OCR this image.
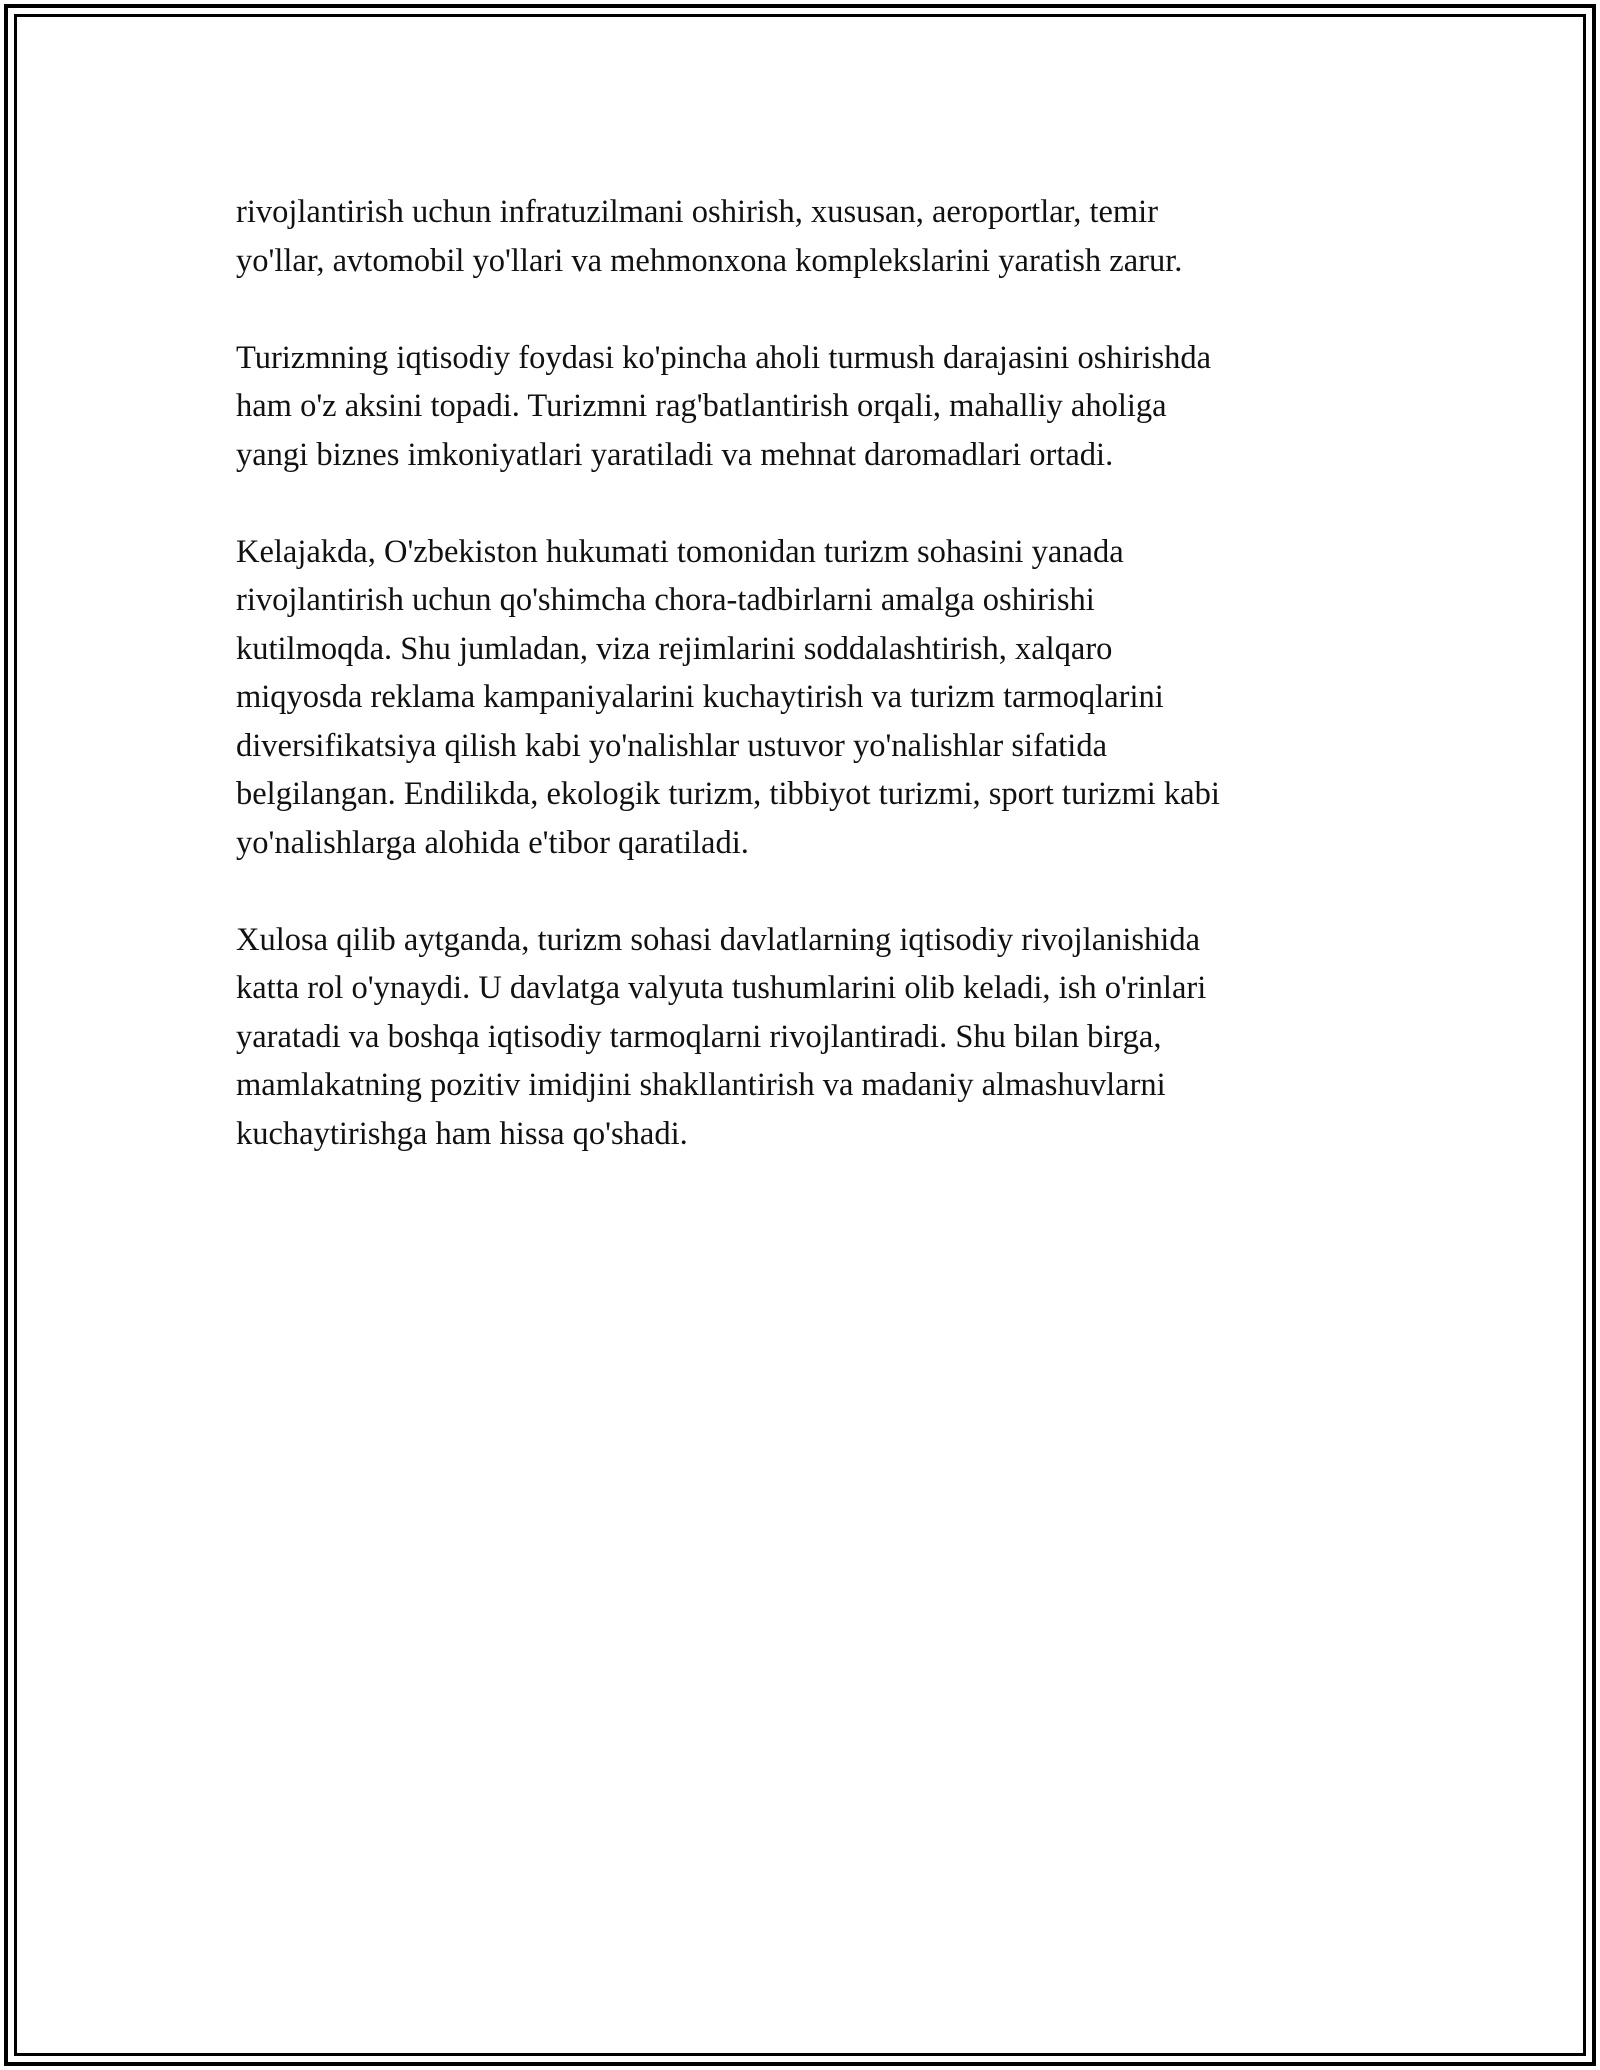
rivojlantirish uchun infratuzilmani oshirish, xususan, aeroportlar, temir
yo'llar, avtomobil yo'llari va mehmonxona komplekslarini yaratish zarur.

Turizmning iqtisodiy foydasi ko'pincha aholi turmush darajasini oshirishda
ham o'z aksini topadi. Turizmni rag'batlantirish orqali, mahalliy aholiga
yangi biznes imkoniyatlari yaratiladi va mehnat daromadlari ortadi.

Kelajakda, O'zbekiston hukumati tomonidan turizm sohasini yanada
rivojlantirish uchun qo'shimcha chora-tadbirlarni amalga oshirishi
kutilmoqda. Shu jumladan, viza rejimlarini soddalashtirish, xalqaro
miqyosda reklama kampaniyalarini kuchaytirish va turizm tarmoqlarini
diversifikatsiya qilish kabi yo'nalishlar ustuvor yo'nalishlar sifatida
belgilangan. Endilikda, ekologik turizm, tibbiyot turizmi, sport turizmi kabi
yo'nalishlarga alohida e'tibor qaratiladi.

Xulosa qilib aytganda, turizm sohasi davlatlarning iqtisodiy rivojlanishida
katta rol o'ynaydi. U davlatga valyuta tushumlarini olib keladi, ish o'rinlari
yaratadi va boshqa iqtisodiy tarmoqlarni rivojlantiradi. Shu bilan birga,
mamlakatning pozitiv imidjini shakllantirish va madaniy almashuvlarni
kuchaytirishga ham hissa qo'shadi.
